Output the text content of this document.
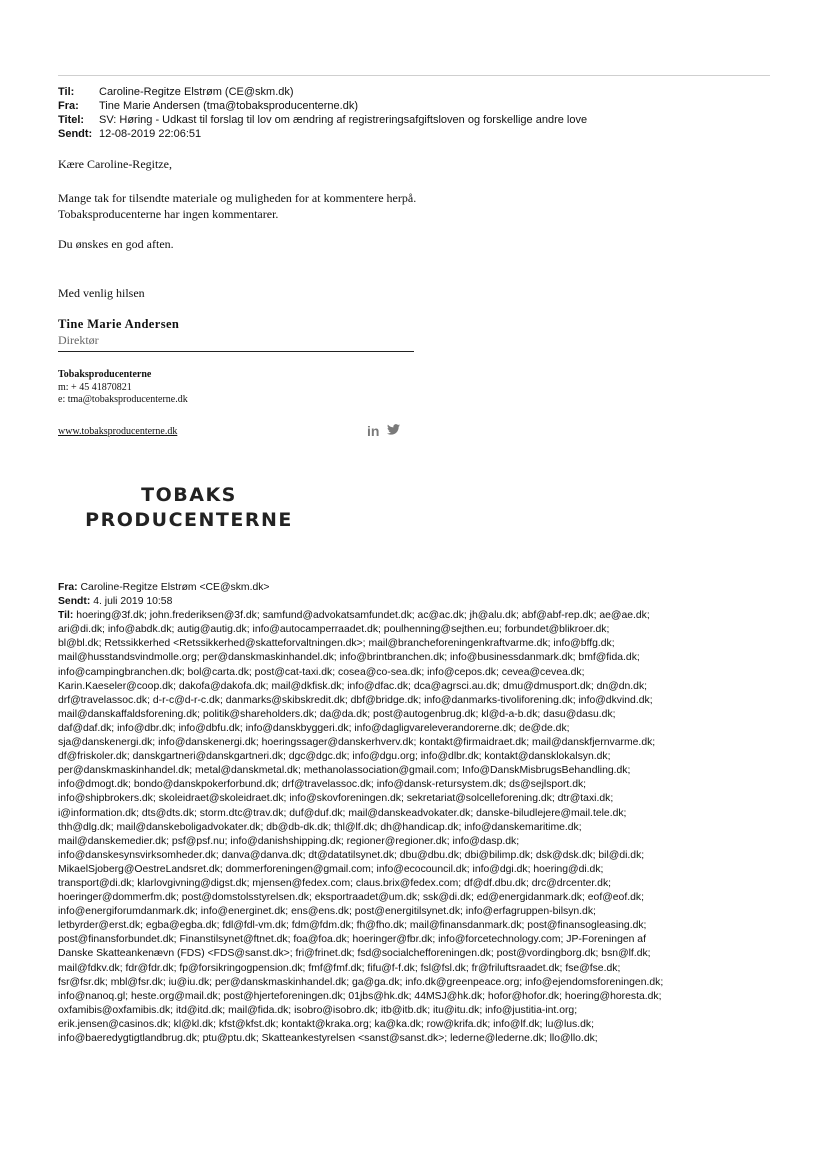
Til:	Caroline-Regitze Elstrøm (CE@skm.dk)
Fra:	Tine Marie Andersen (tma@tobaksproducenterne.dk)
Titel:	SV: Høring - Udkast til forslag til lov om ændring af registreringsafgiftsloven og forskellige andre love
Sendt: 12-08-2019 22:06:51
Kære Caroline-Regitze,
Mange tak for tilsendte materiale og muligheden for at kommentere herpå.
Tobaksproducenterne har ingen kommentarer.
Du ønskes en god aften.
Med venlig hilsen
Tine Marie Andersen
Direktør
Tobaksproducenterne
m: + 45 41870821
e: tma@tobaksproducenterne.dk
www.tobaksproducenterne.dk	in
TOBAKS
PRODUCENTERNE
Fra: Caroline-Regitze Elstrøm <CE@skm.dk>
Sendt: 4. juli 2019 10:58
Til: hoering@3f.dk; john.frederiksen@3f.dk; samfund@advokatsamfundet.dk; ac@ac.dk; jh@alu.dk; abf@abf-rep.dk; ae@ae.dk;
ari@di.dk; info@abdk.dk; autig@autig.dk; info@autocamperraadet.dk; poulhenning@sejthen.eu; forbundet@blikroer.dk;
bl@bl.dk; Retssikkerhed <Retssikkerhed@skatteforvaltningen.dk>; mail@brancheforeningenkraftvarme.dk; info@bffg.dk;
mail@husstandsvindmolle.org; per@danskmaskinhandel.dk; info@brintbranchen.dk; info@businessdanmark.dk; bmf@fida.dk;
info@campingbranchen.dk; bol@carta.dk; post@cat-taxi.dk; cosea@co-sea.dk; info@cepos.dk; cevea@cevea.dk;
Karin.Kaeseler@coop.dk; dakofa@dakofa.dk; mail@dkfisk.dk; info@dfac.dk; dca@agrsci.au.dk; dmu@dmusport.dk; dn@dn.dk;
drf@travelassoc.dk; d-r-c@d-r-c.dk; danmarks@skibskredit.dk; dbf@bridge.dk; info@danmarks-tivoliforening.dk; info@dkvind.dk;
mail@danskaffaldsforening.dk; politik@shareholders.dk; da@da.dk; post@autogenbrug.dk; kl@d-a-b.dk; dasu@dasu.dk;
daf@daf.dk; info@dbr.dk; info@dbfu.dk; info@danskbyggeri.dk; info@dagligvareleverandorerne.dk; de@de.dk;
sja@danskenergi.dk; info@danskenergi.dk; hoeringssager@danskerhverv.dk; kontakt@firmaidraet.dk; mail@danskfjernvarme.dk;
df@friskoler.dk; danskgartneri@danskgartneri.dk; dgc@dgc.dk; info@dgu.org; info@dlbr.dk; kontakt@dansklokalsyn.dk;
per@danskmaskinhandel.dk; metal@danskmetal.dk; methanolassociation@gmail.com; Info@DanskMisbrugsBehandling.dk;
info@dmogt.dk; bondo@danskpokerforbund.dk; drf@travelassoc.dk; info@dansk-retursystem.dk; ds@sejlsport.dk;
info@shipbrokers.dk; skoleidraet@skoleidraet.dk; info@skovforeningen.dk; sekretariat@solcelleforening.dk; dtr@taxi.dk;
i@information.dk; dts@dts.dk; storm.dtc@trav.dk; duf@duf.dk; mail@danskeadvokater.dk; danske-biludlejere@mail.tele.dk;
thh@dlg.dk; mail@danskeboligadvokater.dk; db@db-dk.dk; thl@lf.dk; dh@handicap.dk; info@danskemaritime.dk;
mail@danskemedier.dk; psf@psf.nu; info@danishshipping.dk; regioner@regioner.dk; info@dasp.dk;
info@danskesynsvirksomheder.dk; danva@danva.dk; dt@datatilsynet.dk; dbu@dbu.dk; dbi@bilimp.dk; dsk@dsk.dk; bil@di.dk;
MikaelSjoberg@OestreLandsret.dk; dommerforeningen@gmail.com; info@ecocouncil.dk; info@dgi.dk; hoering@di.dk;
transport@di.dk; klarlovgivning@digst.dk; mjensen@fedex.com; claus.brix@fedex.com; df@df.dbu.dk; drc@drcenter.dk;
hoeringer@dommerfm.dk; post@domstolsstyrelsen.dk; eksportraadet@um.dk; ssk@di.dk; ed@energidanmark.dk; eof@eof.dk;
info@energiforumdanmark.dk; info@energinet.dk; ens@ens.dk; post@energitilsynet.dk; info@erfagruppen-bilsyn.dk;
letbyrder@erst.dk; egba@egba.dk; fdl@fdl-vm.dk; fdm@fdm.dk; fh@fho.dk; mail@finansdanmark.dk; post@finansogleasing.dk;
post@finansforbundet.dk; Finanstilsynet@ftnet.dk; foa@foa.dk; hoeringer@fbr.dk; info@forcetechnology.com; JP-Foreningen af
Danske Skatteankenævn (FDS) <FDS@sanst.dk>; fri@frinet.dk; fsd@socialchefforeningen.dk; post@vordingborg.dk; bsn@lf.dk;
mail@fdkv.dk; fdr@fdr.dk; fp@forsikringogpension.dk; fmf@fmf.dk; fifu@f-f.dk; fsl@fsl.dk; fr@friluftsraadet.dk; fse@fse.dk;
fsr@fsr.dk; mbl@fsr.dk; iu@iu.dk; per@danskmaskinhandel.dk; ga@ga.dk; info.dk@greenpeace.org; info@ejendomsforeningen.dk;
info@nanoq.gl; heste.org@mail.dk; post@hjerteforeningen.dk; 01jbs@hk.dk; 44MSJ@hk.dk; hofor@hofor.dk; hoering@horesta.dk;
oxfamibis@oxfamibis.dk; itd@itd.dk; mail@fida.dk; isobro@isobro.dk; itb@itb.dk; itu@itu.dk; info@justitia-int.org;
erik.jensen@casinos.dk; kl@kl.dk; kfst@kfst.dk; kontakt@kraka.org; ka@ka.dk; row@krifa.dk; info@lf.dk; lu@lus.dk;
info@baeredygtigtlandbrug.dk; ptu@ptu.dk; Skatteankestyrelsen <sanst@sanst.dk>; lederne@lederne.dk; llo@llo.dk;
